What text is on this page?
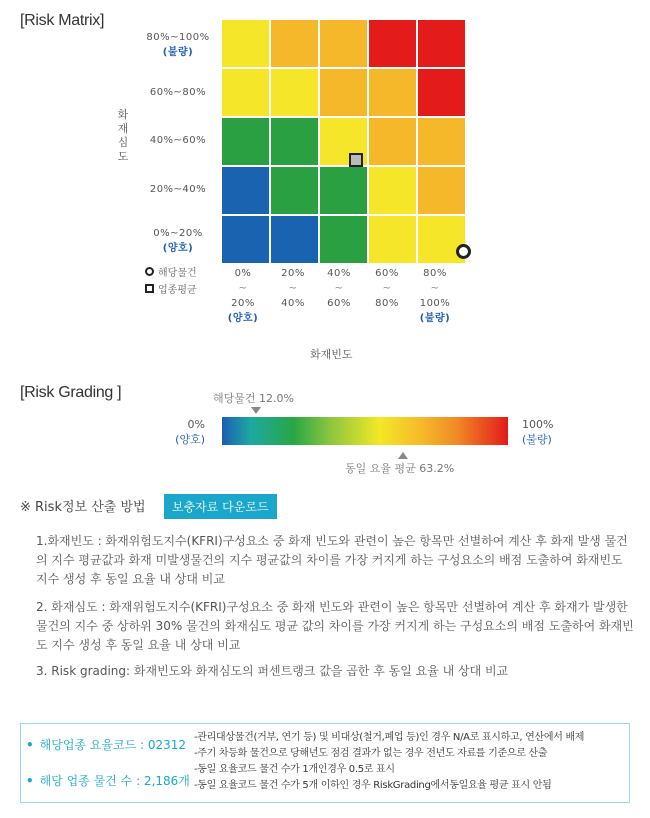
[Risk Matrix]
80%~100%
(불량)
60%~80%
40%~60%
20%~40%
0%~20%
(양호)
화재심도
해당물건
업종평균
0%
~
20%
(양호)
20%
~
40%
40%
~
60%
60%
~
80%
80%
~
100%
(불량)
화재빈도
[Risk Grading ]	해당물건 12.0%
0%
(양호)
100%
(불량)
동일 요율 평균 63.2%
※ Risk정보 산출 방법	보충자료 다운로드
1.화재빈도 : 화재위험도지수(KFRI)구성요소 중 화재 빈도와 관련이 높은 항목만 선별하여 계산 후 화재 발생 물건의 지수 평균값과 화재 미발생물건의 지수 평균값의 차이를 가장 커지게 하는 구성요소의 배점 도출하여 화재빈도 지수 생성 후 동일 요율 내 상대 비교
2. 화재심도 : 화재위험도지수(KFRI)구성요소 중 화재 빈도와 관련이 높은 항목만 선별하여 계산 후 화재가 발생한 물건의 지수 중 상하위 30% 물건의 화재심도 평균 값의 차이를 가장 커지게 하는 구성요소의 배점 도출하여 화재빈도 지수 생성 후 동일 요율 내 상대 비교
3. Risk grading: 화재빈도와 화재심도의 퍼센트랭크 값을 곱한 후 동일 요율 내 상대 비교
• 해당업종 요율코드 : 02312
• 해당 업종 물건 수 : 2,186개
-관리대상물건(거부, 연기 등) 및 비대상(철거,폐업 등)인 경우 N/A로 표시하고, 연산에서 배제
-주기 차등화 물건으로 당해년도 점검 결과가 없는 경우 전년도 자료를 기준으로 산출
-동일 요율코드 물건 수가 1개인경우 0.5로 표시
-동일 요율코드 물건 수가 5개 이하인 경우 RiskGrading에서동일요율 평균 표시 안됨
